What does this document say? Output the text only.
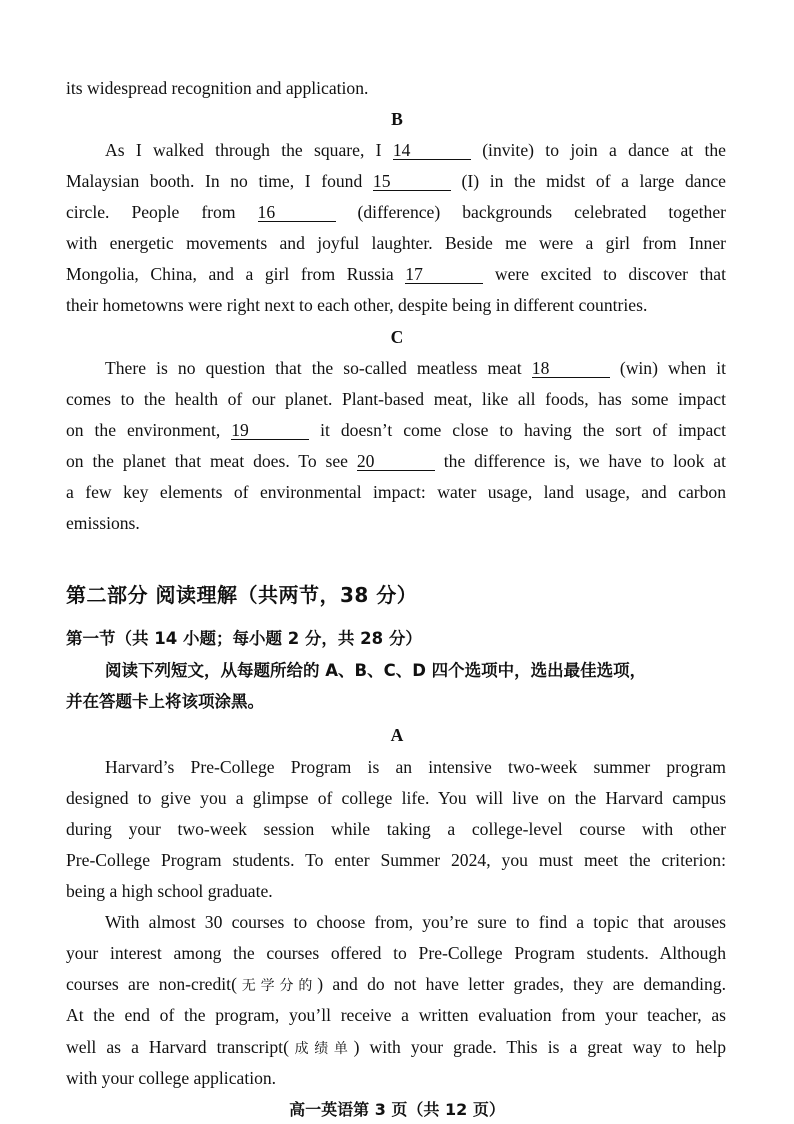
its widespread recognition and application.
B
As I walked through the square, I 14	(invite) to join a dance at the
Malaysian booth. In no time, I found 15	(I) in the midst of a large dance
circle. People from 16	(difference) backgrounds celebrated together
with energetic movements and joyful laughter. Beside me were a girl from Inner
Mongolia, China, and a girl from Russia 17	were excited to discover that
their hometowns were right next to each other, despite being in different countries.
C
There is no question that the so-called meatless meat 18	(win) when it
comes to the health of our planet. Plant-based meat, like all foods, has some impact
on the environment, 19	it doesn’t come close to having the sort of impact
on the planet that meat does. To see 20	the difference is, we have to look at
a few key elements of environmental impact: water usage, land usage, and carbon
emissions.
第二部分 阅读理解（共两节，38 分）
第一节（共 14 小题；每小题 2 分，共 28 分）
阅读下列短文，从每题所给的 A、B、C、D 四个选项中，选出最佳选项，
并在答题卡上将该项涂黑。
A
Harvard’s Pre-College Program is an intensive two-week summer program
designed to give you a glimpse of college life. You will live on the Harvard campus
during your two-week session while taking a college-level course with other
Pre-College Program students. To enter Summer 2024, you must meet the criterion:
being a high school graduate.
With almost 30 courses to choose from, you’re sure to find a topic that arouses
your interest among the courses offered to Pre-College Program students. Although
courses are non-credit(无学分的) and do not have letter grades, they are demanding.
At the end of the program, you’ll receive a written evaluation from your teacher, as
well as a Harvard transcript(成绩单) with your grade. This is a great way to help
with your college application.
高一英语第 3 页（共 12 页）
